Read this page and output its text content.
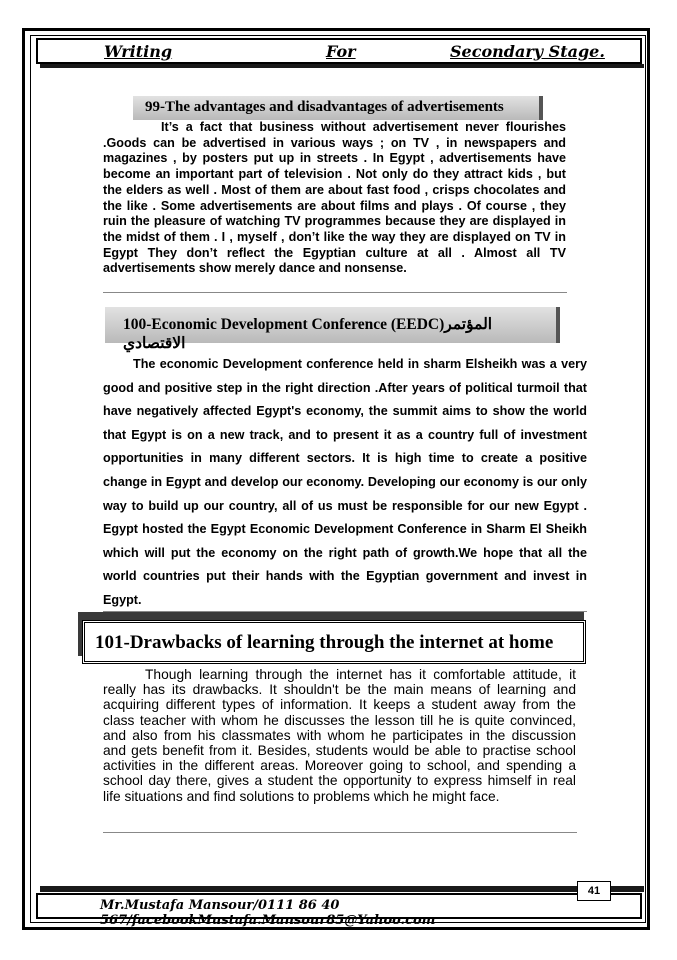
Writing	For	Secondary Stage.
99-The advantages and disadvantages of advertisements
It’s a fact that business without advertisement never flourishes .Goods can be advertised in various ways ; on TV , in newspapers and magazines , by posters put up in streets . In Egypt , advertisements have become an important part of television . Not only do they attract kids , but the elders as well . Most of them are about fast food , crisps chocolates and the like . Some advertisements are about films and plays . Of course , they ruin the pleasure of watching TV programmes because they are displayed in the midst of them . I , myself , don’t like the way they are displayed on TV in Egypt They don’t reflect the Egyptian culture at all . Almost all TV advertisements show merely dance and nonsense.
100-Economic Development Conference (EEDC)المؤتمر الاقتصادي
The economic Development conference held in sharm Elsheikh was a very good and positive step in the right direction .After years of political turmoil that have negatively affected Egypt's economy, the summit aims to show the world that Egypt is on a new track, and to present it as a country full of investment opportunities in many different sectors. It is high time to create a positive change in Egypt and develop our economy. Developing our economy is our only way to build up our country, all of us must be responsible for our new Egypt . Egypt hosted the Egypt Economic Development Conference in Sharm El Sheikh which will put the economy on the right path of growth.We hope that all the world countries put their hands with the Egyptian government and invest in Egypt.
101-Drawbacks of learning through the internet at home
Though learning through the internet has it comfortable attitude, it really has its drawbacks. It shouldn't be the main means of learning and acquiring different types of information. It keeps a student away from the class teacher with whom he discusses the lesson till he is quite convinced, and also from his classmates with whom he participates in the discussion and gets benefit from it. Besides, students would be able to practise school activities in the different areas. Moreover going to school, and spending a school day there, gives a student the opportunity to express himself in real life situations and find solutions to problems which he might face.
Mr.Mustafa Mansour/0111 86 40 567/facebookMustafa.Mansour85@Yahoo.com
41
